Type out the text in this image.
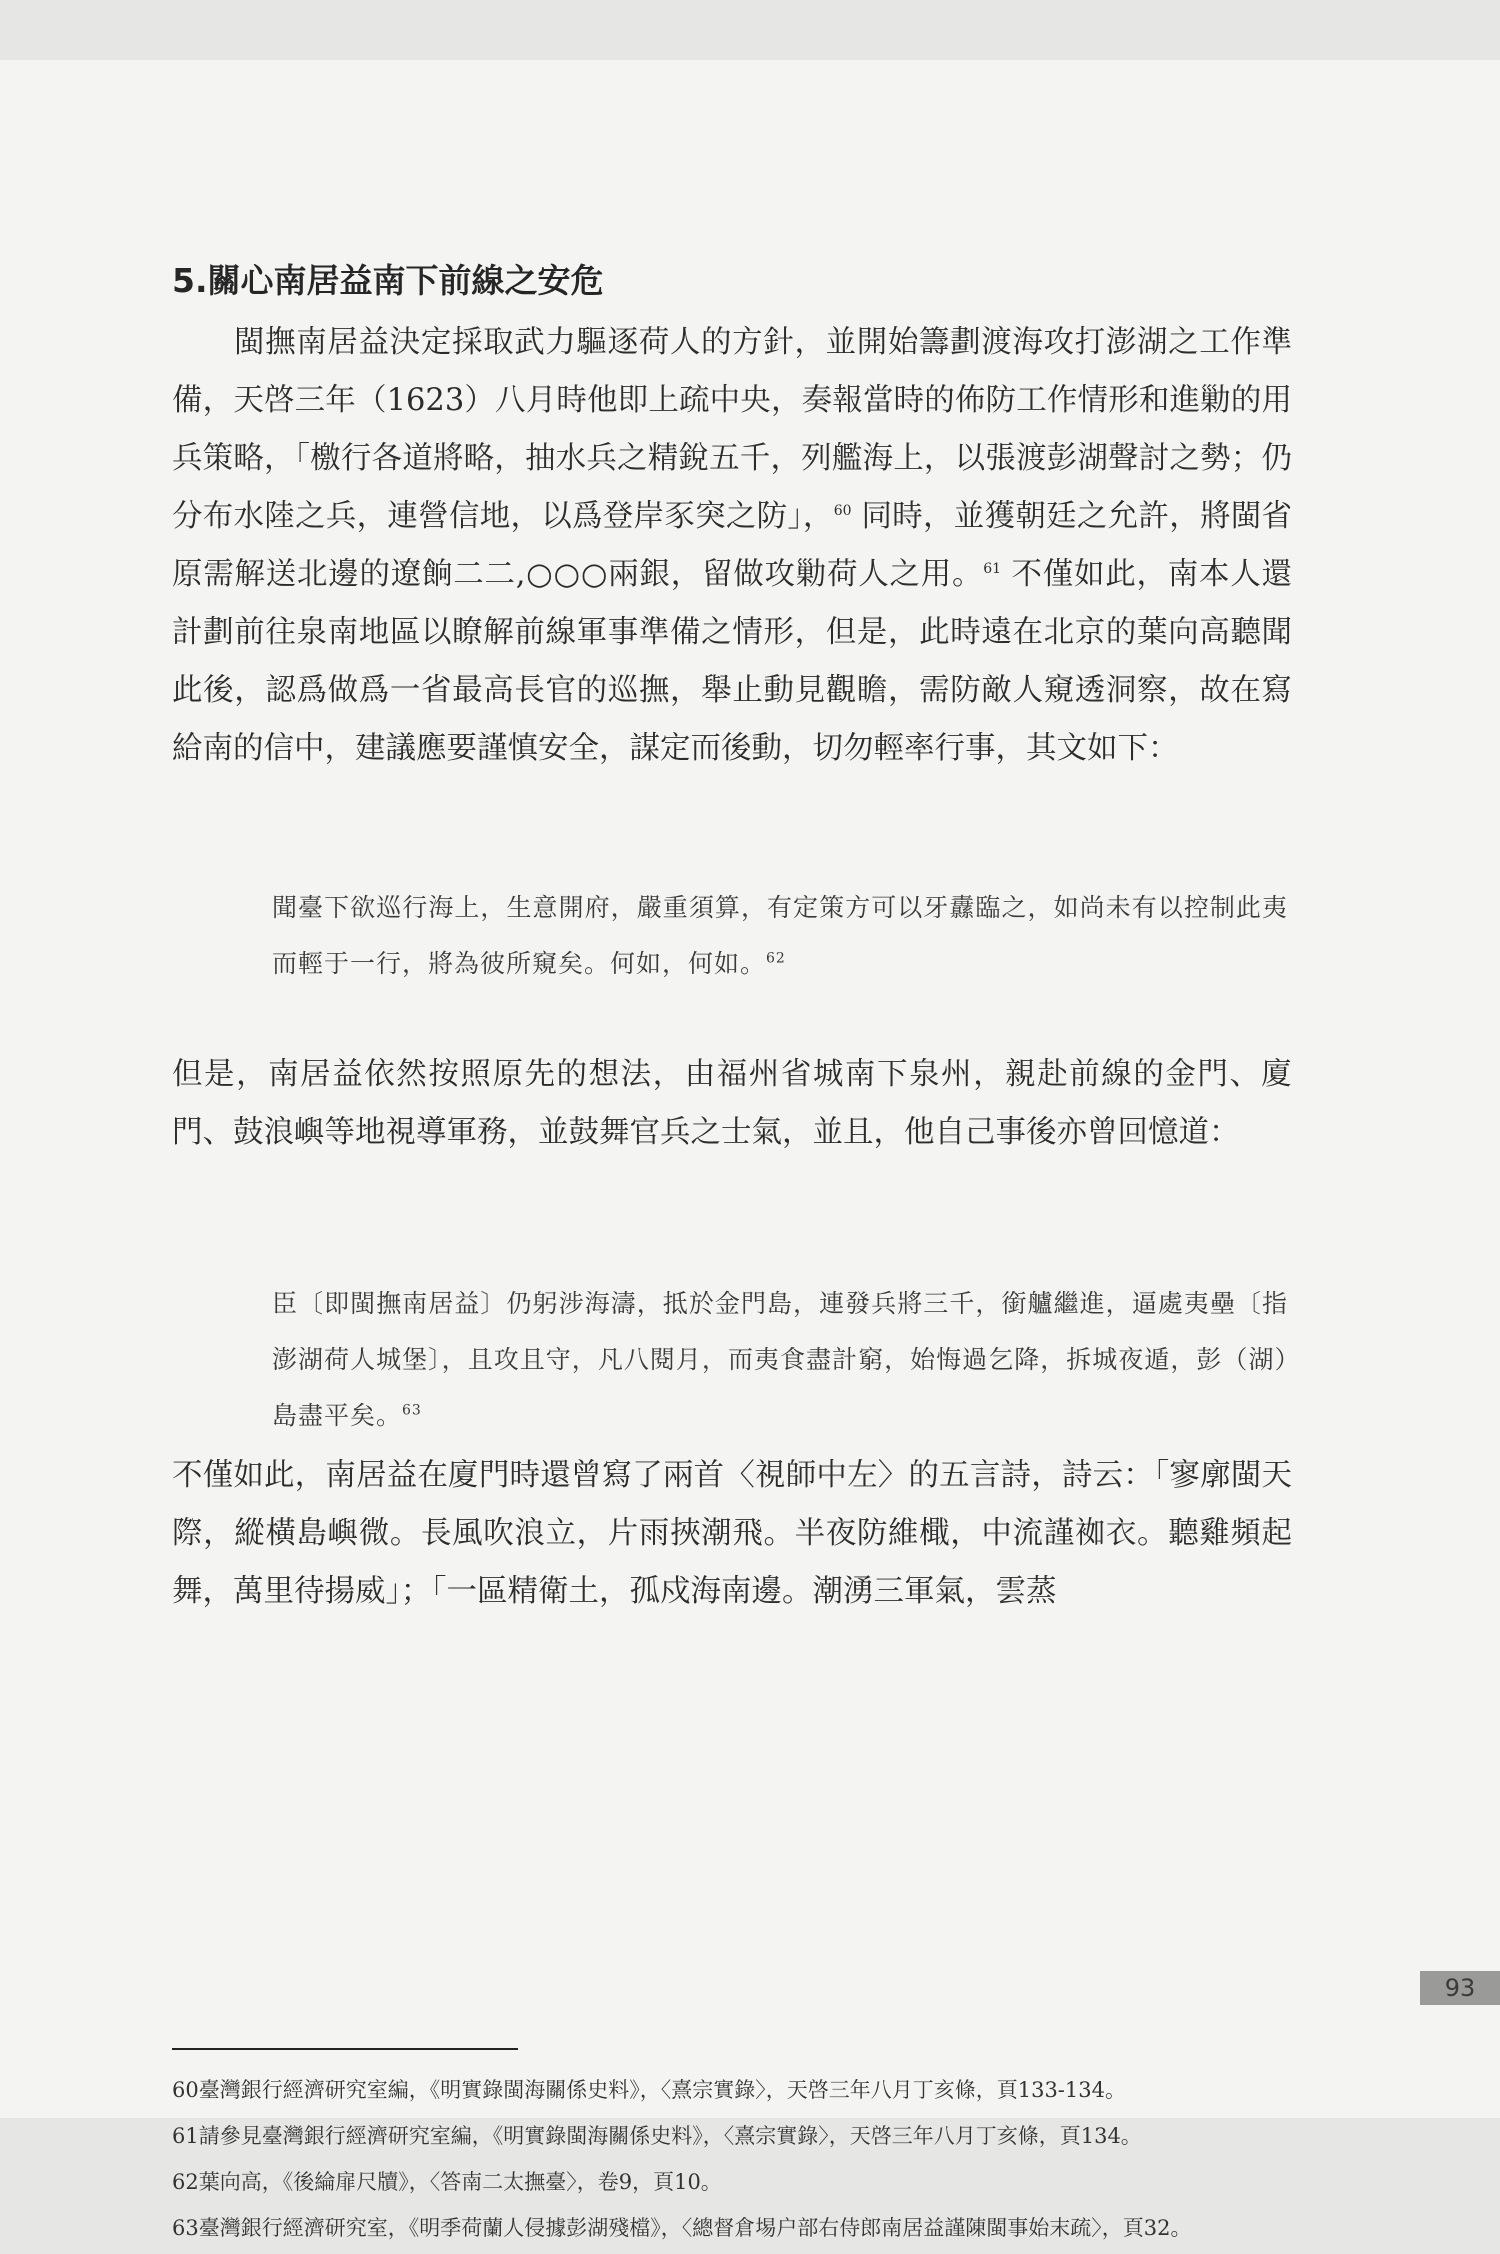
5.關心南居益南下前線之安危
閩撫南居益決定採取武力驅逐荷人的方針，並開始籌劃渡海攻打澎湖之工作準備，天啓三年（1623）八月時他即上疏中央，奏報當時的佈防工作情形和進勦的用兵策略，「檄行各道將略，抽水兵之精銳五千，列艦海上，以張渡彭湖聲討之勢；仍分布水陸之兵，連營信地，以爲登岸豕突之防」，$^{60}$ 同時，並獲朝廷之允許，將閩省原需解送北邊的遼餉二二,○○○兩銀，留做攻勦荷人之用。$^{61}$ 不僅如此，南本人還計劃前往泉南地區以瞭解前線軍事準備之情形，但是，此時遠在北京的葉向高聽聞此後，認爲做爲一省最高長官的巡撫，舉止動見觀瞻，需防敵人窺透洞察，故在寫給南的信中，建議應要謹慎安全，謀定而後動，切勿輕率行事，其文如下：
聞臺下欲巡行海上，生意開府，嚴重須算，有定策方可以牙纛臨之，如尚未有以控制此夷而輕于一行，將為彼所窺矣。何如，何如。$^{62}$
但是，南居益依然按照原先的想法，由福州省城南下泉州，親赴前線的金門、廈門、鼓浪嶼等地視導軍務，並鼓舞官兵之士氣，並且，他自己事後亦曾回憶道：
臣〔即閩撫南居益〕仍躬涉海濤，抵於金門島，連發兵將三千，銜艫繼進，逼處夷壘〔指澎湖荷人城堡〕，且攻且守，凡八閱月，而夷食盡計窮，始悔過乞降，拆城夜遁，彭（湖）島盡平矣。$^{63}$
不僅如此，南居益在廈門時還曾寫了兩首〈視師中左〉的五言詩，詩云：「寥廓閩天際，縱橫島嶼微。長風吹浪立，片雨挾潮飛。半夜防維檝，中流謹袽衣。聽雞頻起舞，萬里待揚威」；「一區精衛土，孤戍海南邊。潮湧三軍氣，雲蒸
60臺灣銀行經濟研究室編，《明實錄閩海關係史料》，〈熹宗實錄〉，天啓三年八月丁亥條，頁133-134。
61請參見臺灣銀行經濟研究室編，《明實錄閩海關係史料》，〈熹宗實錄〉，天啓三年八月丁亥條，頁134。
62葉向高，《後綸扉尺牘》，〈答南二太撫臺〉，卷9，頁10。
63臺灣銀行經濟研究室，《明季荷蘭人侵據彭湖殘檔》，〈總督倉埸户部右侍郎南居益謹陳閩事始末疏〉，頁32。
93
